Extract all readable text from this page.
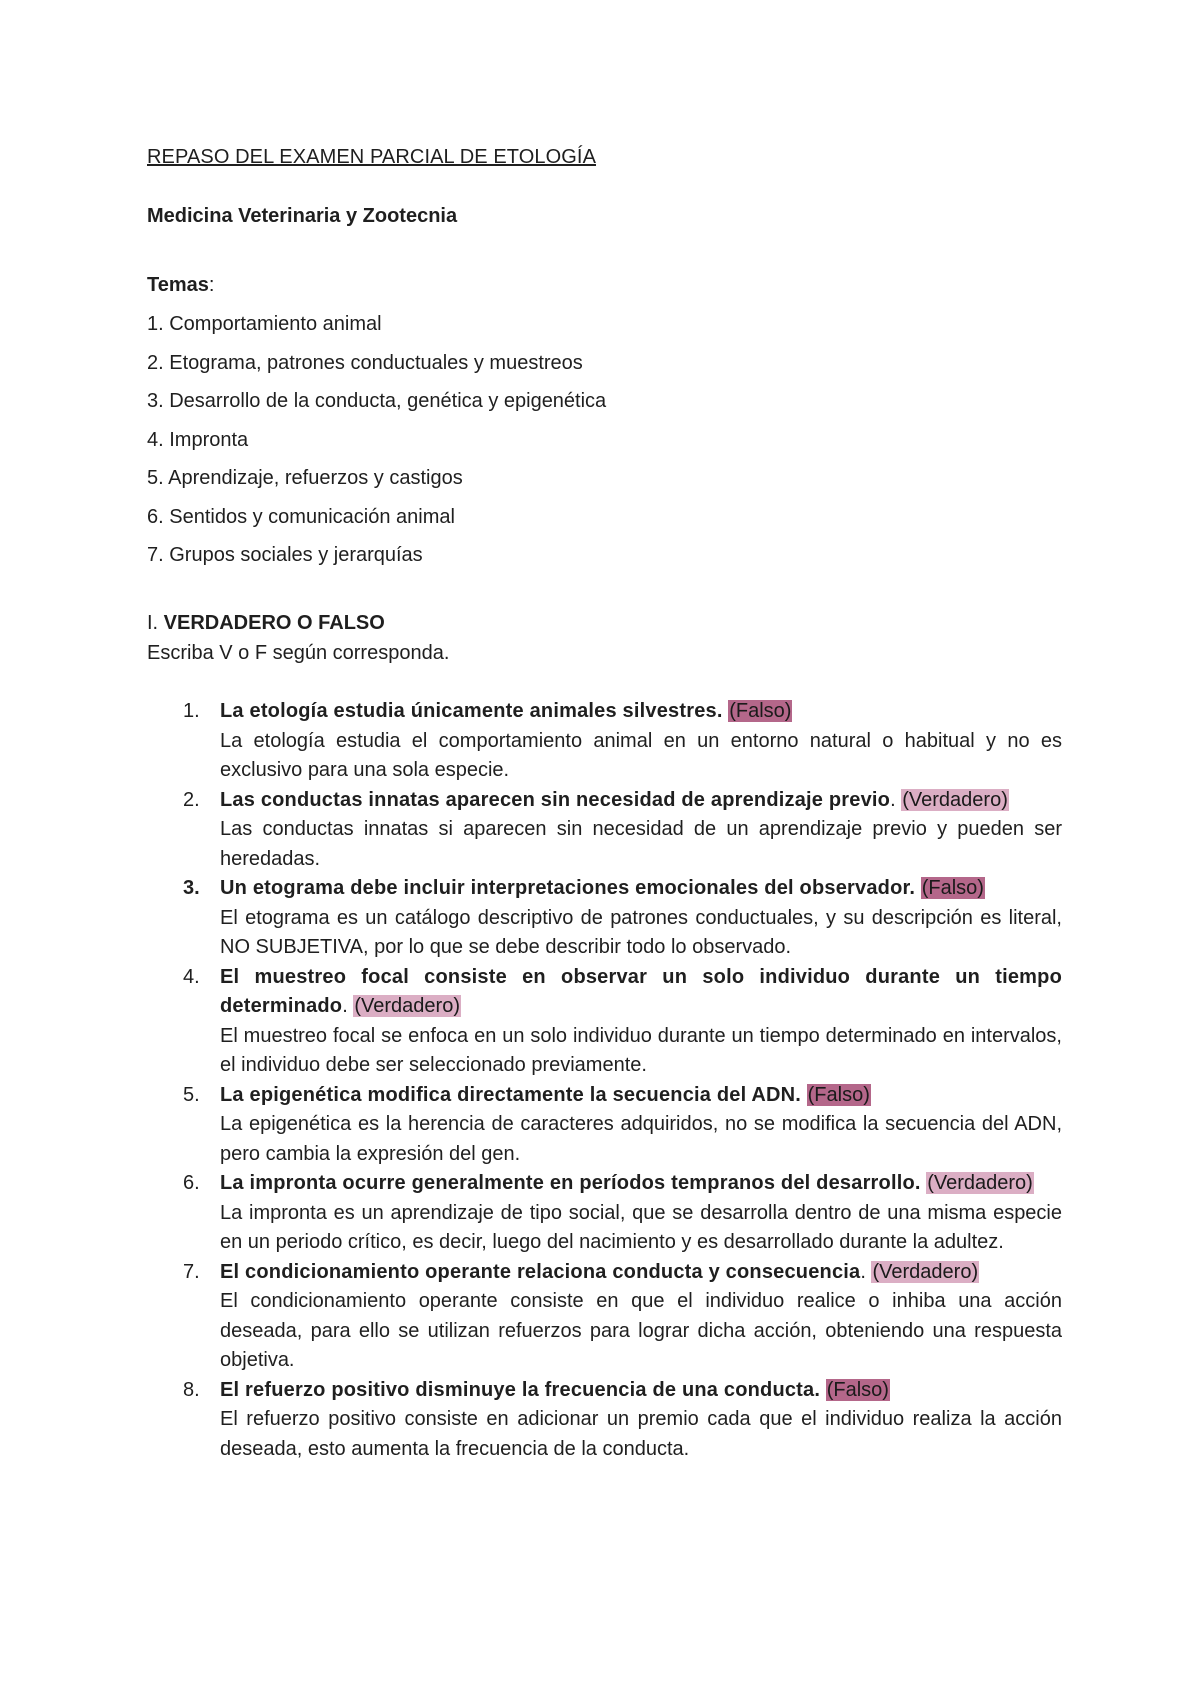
REPASO DEL EXAMEN PARCIAL DE ETOLOGÍA
Medicina Veterinaria y Zootecnia
Temas:
1. Comportamiento animal
2. Etograma, patrones conductuales y muestreos
3. Desarrollo de la conducta, genética y epigenética
4. Impronta
5. Aprendizaje, refuerzos y castigos
6. Sentidos y comunicación animal
7. Grupos sociales y jerarquías
I. VERDADERO O FALSO
Escriba V o F según corresponda.
1.	La etología estudia únicamente animales silvestres. (Falso)

La etología estudia el comportamiento animal en un entorno natural o habitual y no es exclusivo para una sola especie.

2.	Las conductas innatas aparecen sin necesidad de aprendizaje previo. (Verdadero)

Las conductas innatas si aparecen sin necesidad de un aprendizaje previo y pueden ser heredadas.

3.	Un etograma debe incluir interpretaciones emocionales del observador. (Falso)

El etograma es un catálogo descriptivo de patrones conductuales, y su descripción es literal, NO SUBJETIVA, por lo que se debe describir todo lo observado.

4.	El muestreo focal consiste en observar un solo individuo durante un tiempo determinado. (Verdadero)

El muestreo focal se enfoca en un solo individuo durante un tiempo determinado en intervalos, el individuo debe ser seleccionado previamente.

5.	La epigenética modifica directamente la secuencia del ADN. (Falso)

La epigenética es la herencia de caracteres adquiridos, no se modifica la secuencia del ADN, pero cambia la expresión del gen.

6.	La impronta ocurre generalmente en períodos tempranos del desarrollo. (Verdadero)

La impronta es un aprendizaje de tipo social, que se desarrolla dentro de una misma especie en un periodo crítico, es decir, luego del nacimiento y es desarrollado durante la adultez.

7.	El condicionamiento operante relaciona conducta y consecuencia. (Verdadero)

El condicionamiento operante consiste en que el individuo realice o inhiba una acción deseada, para ello se utilizan refuerzos para lograr dicha acción, obteniendo una respuesta objetiva.

8.	El refuerzo positivo disminuye la frecuencia de una conducta. (Falso)

El refuerzo positivo consiste en adicionar un premio cada que el individuo realiza la acción deseada, esto aumenta la frecuencia de la conducta.
